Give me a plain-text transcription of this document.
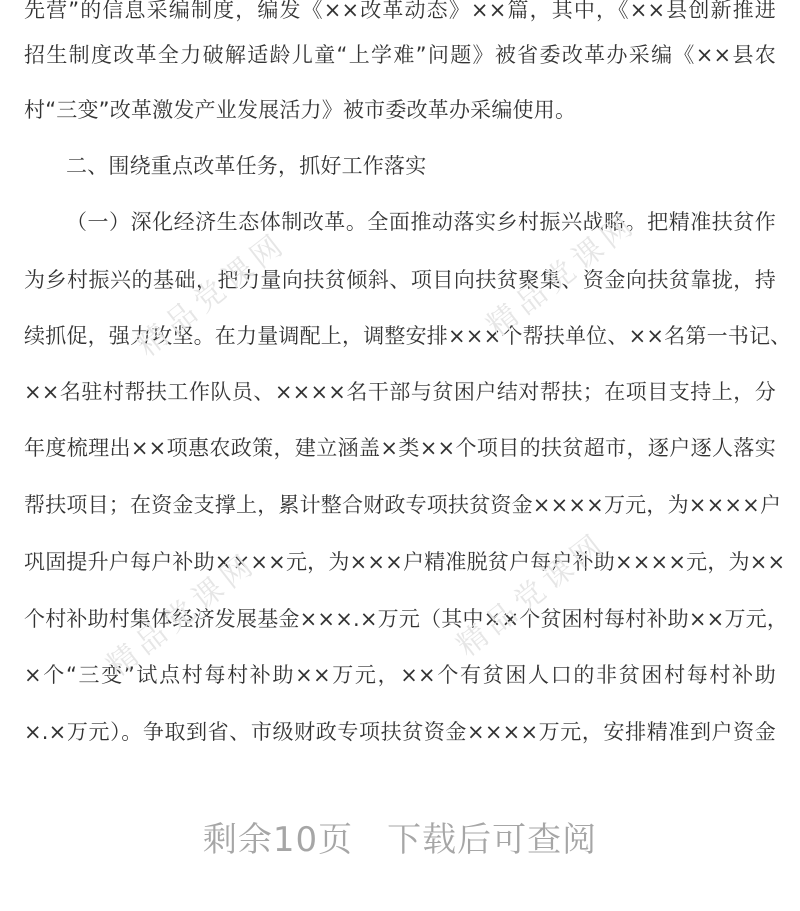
先营”的信息采编制度，编发《××改革动态》××篇，其中，《××县创新推进
招生制度改革全力破解适龄儿童“上学难”问题》被省委改革办采编《××县农
村“三变”改革激发产业发展活力》被市委改革办采编使用。
二、围绕重点改革任务，抓好工作落实
（一）深化经济生态体制改革。全面推动落实乡村振兴战略。把精准扶贫作
为乡村振兴的基础，把力量向扶贫倾斜、项目向扶贫聚集、资金向扶贫靠拢，持
续抓促，强力攻坚。在力量调配上，调整安排×××个帮扶单位、××名第一书记、
××名驻村帮扶工作队员、××××名干部与贫困户结对帮扶；在项目支持上，分
年度梳理出××项惠农政策，建立涵盖×类××个项目的扶贫超市，逐户逐人落实
帮扶项目；在资金支撑上，累计整合财政专项扶贫资金××××万元，为××××户
巩固提升户每户补助××××元，为×××户精准脱贫户每户补助××××元，为××
个村补助村集体经济发展基金×××.×万元（其中××个贫困村每村补助××万元，
×个“三变”试点村每村补助××万元，××个有贫困人口的非贫困村每村补助
×.×万元）。争取到省、市级财政专项扶贫资金××××万元，安排精准到户资金
精品党课网	精品党课网
精品党课网	精品党课网
剩余10页 下载后可查阅
